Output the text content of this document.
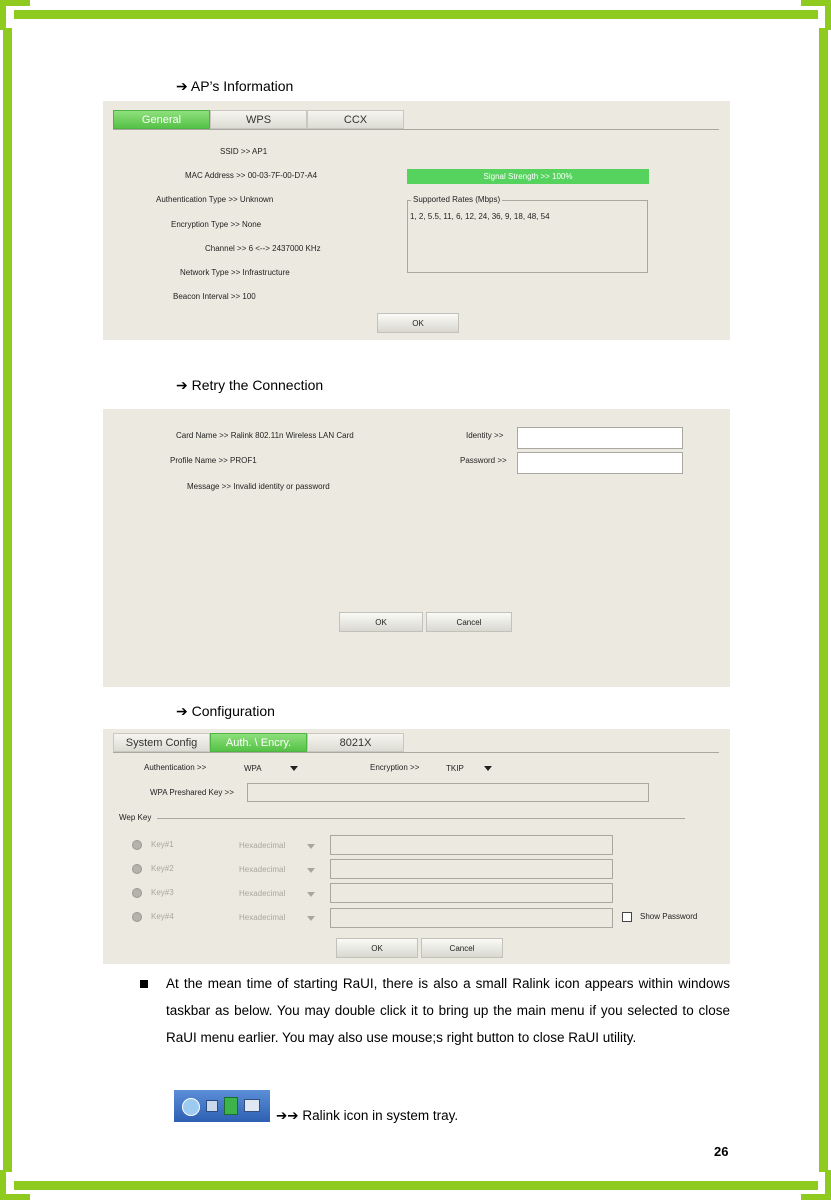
➔ AP’s Information
General	WPS	CCX
SSID >> AP1
MAC Address >> 00-03-7F-00-D7-A4
Authentication Type >> Unknown
Encryption Type >> None
Channel >> 6 <--> 2437000 KHz
Network Type >> Infrastructure
Beacon Interval >> 100
Signal Strength >> 100%
Supported Rates (Mbps)
1, 2, 5.5, 11, 6, 12, 24, 36, 9, 18, 48, 54
OK
➔ Retry the Connection
Card Name >> Ralink 802.11n Wireless LAN Card
Profile Name >> PROF1
Message >> Invalid identity or password
Identity >>
Password >>
OK	Cancel
➔ Configuration
System Config	Auth. \ Encry.	8021X
Authentication >>	WPA	Encryption >>	TKIP
WPA Preshared Key >>
Wep Key
Key#1	Hexadecimal
Key#2	Hexadecimal
Key#3	Hexadecimal
Key#4	Hexadecimal	Show Password
OK	Cancel
At the mean time of starting RaUI, there is also a small Ralink icon appears within windows taskbar as below. You may double click it to bring up the main menu if you selected to close RaUI menu earlier. You may also use mouse;s right button to close RaUI utility.
➔➔ Ralink icon in system tray.
26
